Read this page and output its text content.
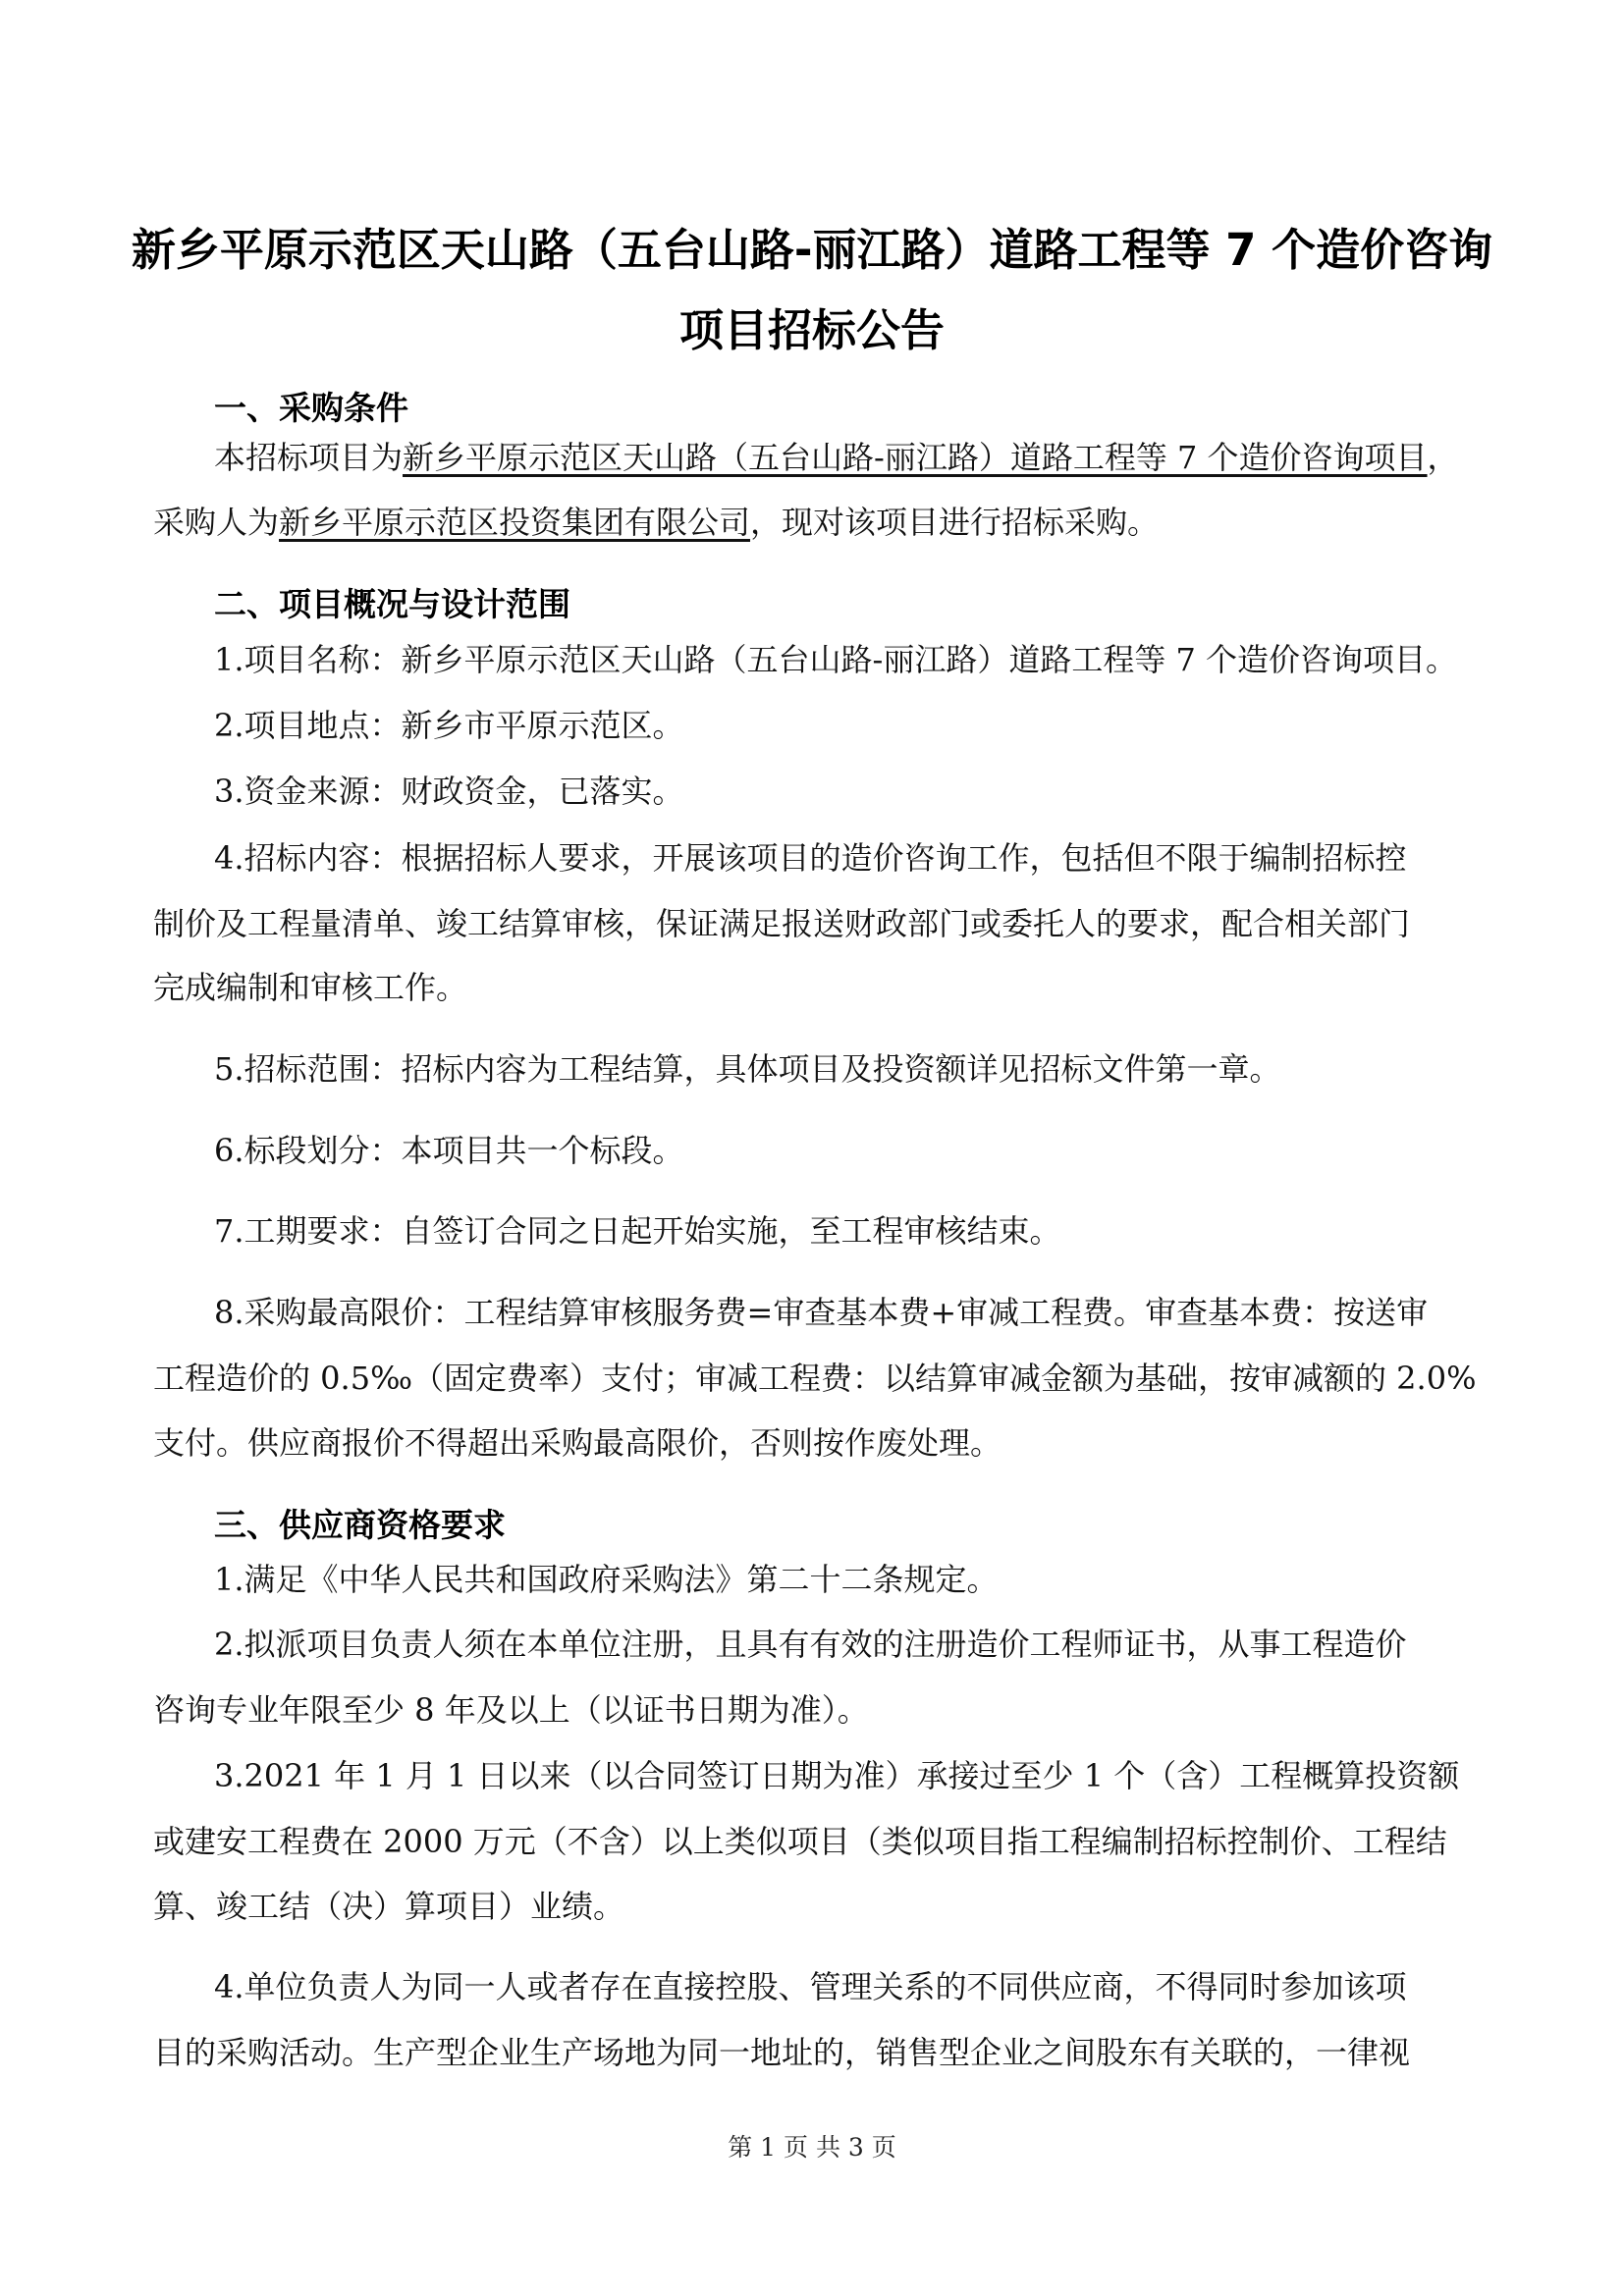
新乡平原示范区天山路（五台山路-丽江路）道路工程等 7 个造价咨询
项目招标公告
一、采购条件
本招标项目为新乡平原示范区天山路（五台山路-丽江路）道路工程等 7 个造价咨询项目，
采购人为新乡平原示范区投资集团有限公司，现对该项目进行招标采购。
二、项目概况与设计范围
1.项目名称：新乡平原示范区天山路（五台山路-丽江路）道路工程等 7 个造价咨询项目。
2.项目地点：新乡市平原示范区。
3.资金来源：财政资金，已落实。
4.招标内容：根据招标人要求，开展该项目的造价咨询工作，包括但不限于编制招标控
制价及工程量清单、竣工结算审核，保证满足报送财政部门或委托人的要求，配合相关部门
完成编制和审核工作。
5.招标范围：招标内容为工程结算，具体项目及投资额详见招标文件第一章。
6.标段划分：本项目共一个标段。
7.工期要求：自签订合同之日起开始实施，至工程审核结束。
8.采购最高限价：工程结算审核服务费=审查基本费+审减工程费。审查基本费：按送审
工程造价的 0.5‰（固定费率）支付；审减工程费：以结算审减金额为基础，按审减额的 2.0%
支付。供应商报价不得超出采购最高限价，否则按作废处理。
三、供应商资格要求
1.满足《中华人民共和国政府采购法》第二十二条规定。
2.拟派项目负责人须在本单位注册，且具有有效的注册造价工程师证书，从事工程造价
咨询专业年限至少 8 年及以上（以证书日期为准）。
3.2021 年 1 月 1 日以来（以合同签订日期为准）承接过至少 1 个（含）工程概算投资额
或建安工程费在 2000 万元（不含）以上类似项目（类似项目指工程编制招标控制价、工程结
算、竣工结（决）算项目）业绩。
4.单位负责人为同一人或者存在直接控股、管理关系的不同供应商，不得同时参加该项
目的采购活动。生产型企业生产场地为同一地址的，销售型企业之间股东有关联的，一律视
第 1 页 共 3 页
